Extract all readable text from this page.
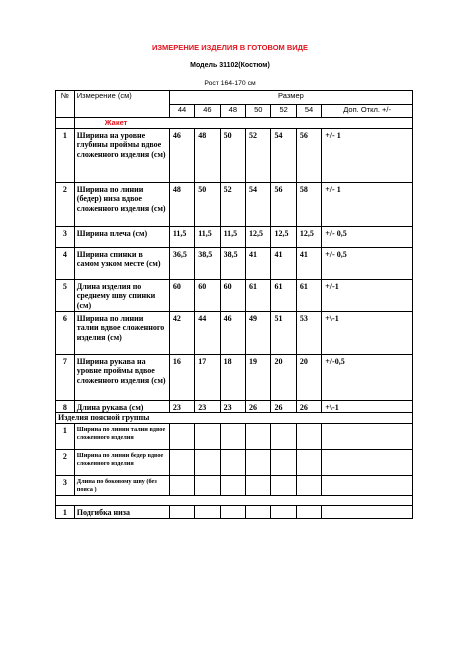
ИЗМЕРЕНИЕ ИЗДЕЛИЯ В ГОТОВОМ ВИДЕ
Модель 31102(Костюм)
Рост 164-170 см
№	Измерение (см)	Размер						
		44	46	48	50	52	54	Доп. Откл. +/-
	Жакет							
1	Ширина на уровне глубины проймы вдвое сложенного изделия (см)	46	48	50	52	54	56	+/- 1
2	Ширина по линии (бедер) низа вдвое сложенного изделия (см)	48	50	52	54	56	58	+/- 1
3	Ширина плеча (см)	11,5	11,5	11,5	12,5	12,5	12,5	+/- 0,5
4	Ширина спинки в самом узком месте (см)	36,5	38,5	38,5	41	41	41	+/- 0,5
5	Длина изделия по среднему шву спинки (см)	60	60	60	61	61	61	+/-1
6	Ширина по линии талии вдвое сложенного изделия (см)	42	44	46	49	51	53	+\-1
7	Ширина рукава на уровне проймы вдвое сложенного изделия (см)	16	17	18	19	20	20	+/-0,5
8	Длина рукава (см)	23	23	23	26	26	26	+\-1
Изделия поясной группы								
1	Ширина по линии талии вдвое сложенного изделия							
2	Ширина по линии бедер вдвое сложенного изделия							
3	Длина по боковому шву (без пояса )							

1	Подгибка низа							
